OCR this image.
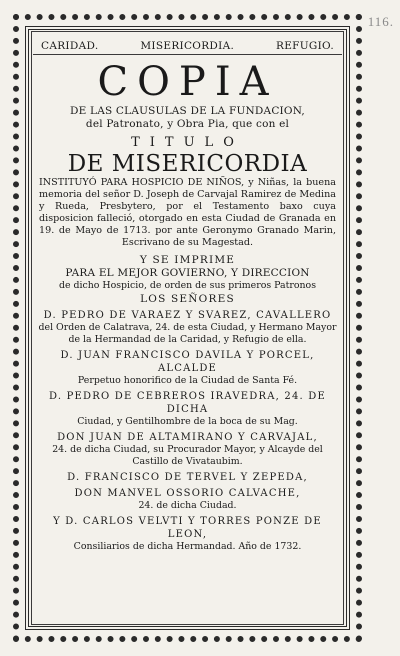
116.
CARIDAD.	MISERICORDIA.	REFUGIO.
COPIA
DE LAS CLAUSULAS DE LA FUNDACION,
del Patronato, y Obra Pia, que con el
TITULO
DE MISERICORDIA
INSTITUYÓ PARA HOSPICIO DE NIÑOS, y Niñas, la buena memoria del señor D. Joseph de Carvajal Ramirez de Medina y Rueda, Presbytero, por el Testamento baxo cuya disposicion falleció, otorgado en esta Ciudad de Granada en 19. de Mayo de 1713. por ante Geronymo Granado Marin, Escrivano de su Magestad.
Y SE IMPRIME
PARA EL MEJOR GOVIERNO, Y DIRECCION
de dicho Hospicio, de orden de sus primeros Patronos
LOS SEÑORES
D. PEDRO DE VARAEZ Y SVAREZ, CAVALLERO
del Orden de Calatrava, 24. de esta Ciudad, y Hermano Mayor de la Hermandad de la Caridad, y Refugio de ella.
D. JUAN FRANCISCO DAVILA Y PORCEL, ALCALDE
Perpetuo honorifico de la Ciudad de Santa Fé.
D. PEDRO DE CEBREROS IRAVEDRA, 24. DE DICHA
Ciudad, y Gentilhombre de la boca de su Mag.
DON JUAN DE ALTAMIRANO Y CARVAJAL,
24. de dicha Ciudad, su Procurador Mayor, y Alcayde del Castillo de Vivataubim.
D. FRANCISCO DE TERVEL Y ZEPEDA,
DON MANVEL OSSORIO CALVACHE,
24. de dicha Ciudad.
Y D. CARLOS VELVTI Y TORRES PONZE DE LEON,
Consiliarios de dicha Hermandad. Año de 1732.
